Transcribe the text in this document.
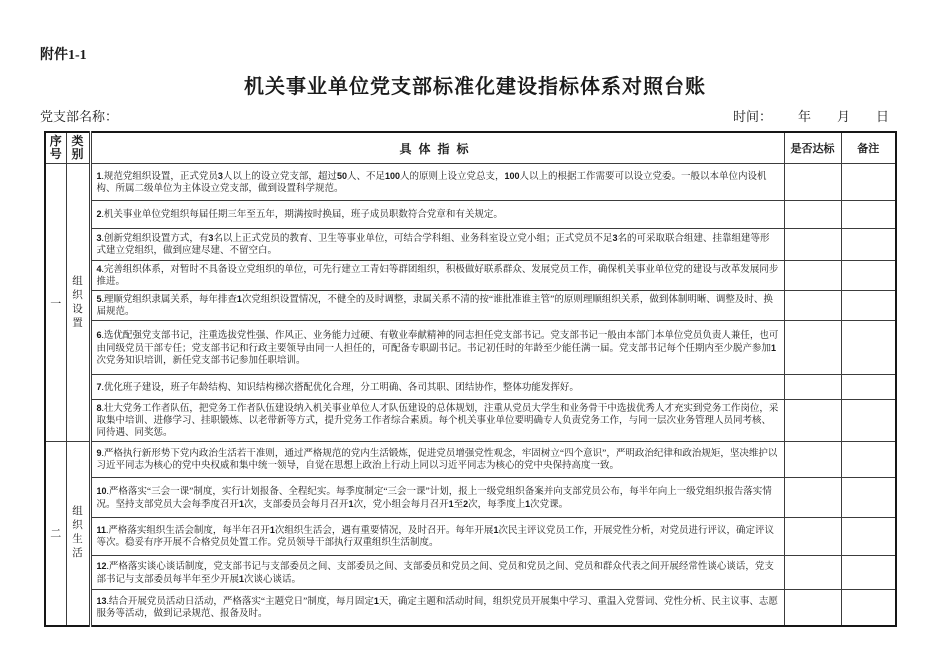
附件1-1
机关事业单位党支部标准化建设指标体系对照台账
党支部名称：	时间： 年 月 日
序号	类别	具体指标	是否达标	备注
一	组织设置	1.规范党组织设置，正式党员3人以上的设立党支部，超过50人、不足100人的原则上设立党总支，100人以上的根据工作需要可以设立党委。一般以本单位内设机构、所属二级单位为主体设立党支部，做到设置科学规范。		
		2.机关事业单位党组织每届任期三年至五年，期满按时换届，班子成员职数符合党章和有关规定。		
		3.创新党组织设置方式，有3名以上正式党员的教育、卫生等事业单位，可结合学科组、业务科室设立党小组；正式党员不足3名的可采取联合组建、挂靠组建等形式建立党组织，做到应建尽建、不留空白。		
		4.完善组织体系，对暂时不具备设立党组织的单位，可先行建立工青妇等群团组织，积极做好联系群众、发展党员工作，确保机关事业单位党的建设与改革发展同步推进。		
		5.理顺党组织隶属关系，每年排查1次党组织设置情况，不健全的及时调整，隶属关系不清的按“谁批准谁主管”的原则理顺组织关系，做到体制明晰、调整及时、换届规范。		
		6.选优配强党支部书记，注重选拔党性强、作风正、业务能力过硬、有敬业奉献精神的同志担任党支部书记。党支部书记一般由本部门本单位党员负责人兼任，也可由同级党员干部专任；党支部书记和行政主要领导由同一人担任的，可配备专职副书记。书记初任时的年龄至少能任满一届。党支部书记每个任期内至少脱产参加1次党务知识培训，新任党支部书记参加任职培训。		
		7.优化班子建设，班子年龄结构、知识结构梯次搭配优化合理，分工明确、各司其职、团结协作，整体功能发挥好。		
		8.壮大党务工作者队伍，把党务工作者队伍建设纳入机关事业单位人才队伍建设的总体规划，注重从党员大学生和业务骨干中选拔优秀人才充实到党务工作岗位，采取集中培训、进修学习、挂职锻炼、以老带新等方式，提升党务工作者综合素质。每个机关事业单位要明确专人负责党务工作，与同一层次业务管理人员同考核、同待遇、同奖惩。		
二	组织生活	9.严格执行新形势下党内政治生活若干准则，通过严格规范的党内生活锻炼，促进党员增强党性观念，牢固树立“四个意识”，严明政治纪律和政治规矩，坚决维护以习近平同志为核心的党中央权威和集中统一领导，自觉在思想上政治上行动上同以习近平同志为核心的党中央保持高度一致。		
		10.严格落实“三会一课”制度，实行计划报备、全程纪实。每季度制定“三会一课”计划，报上一级党组织备案并向支部党员公布，每半年向上一级党组织报告落实情况。坚持支部党员大会每季度召开1次，支部委员会每月召开1次，党小组会每月召开1至2次，每季度上1次党课。		
		11.严格落实组织生活会制度，每半年召开1次组织生活会，遇有重要情况，及时召开。每年开展1次民主评议党员工作，开展党性分析，对党员进行评议，确定评议等次。稳妥有序开展不合格党员处置工作。党员领导干部执行双重组织生活制度。		
		12.严格落实谈心谈话制度，党支部书记与支部委员之间、支部委员之间、支部委员和党员之间、党员和党员之间、党员和群众代表之间开展经常性谈心谈话，党支部书记与支部委员每半年至少开展1次谈心谈话。		
		13.结合开展党员活动日活动，严格落实“主题党日”制度，每月固定1天，确定主题和活动时间，组织党员开展集中学习、重温入党誓词、党性分析、民主议事、志愿服务等活动，做到记录规范、报备及时。		
